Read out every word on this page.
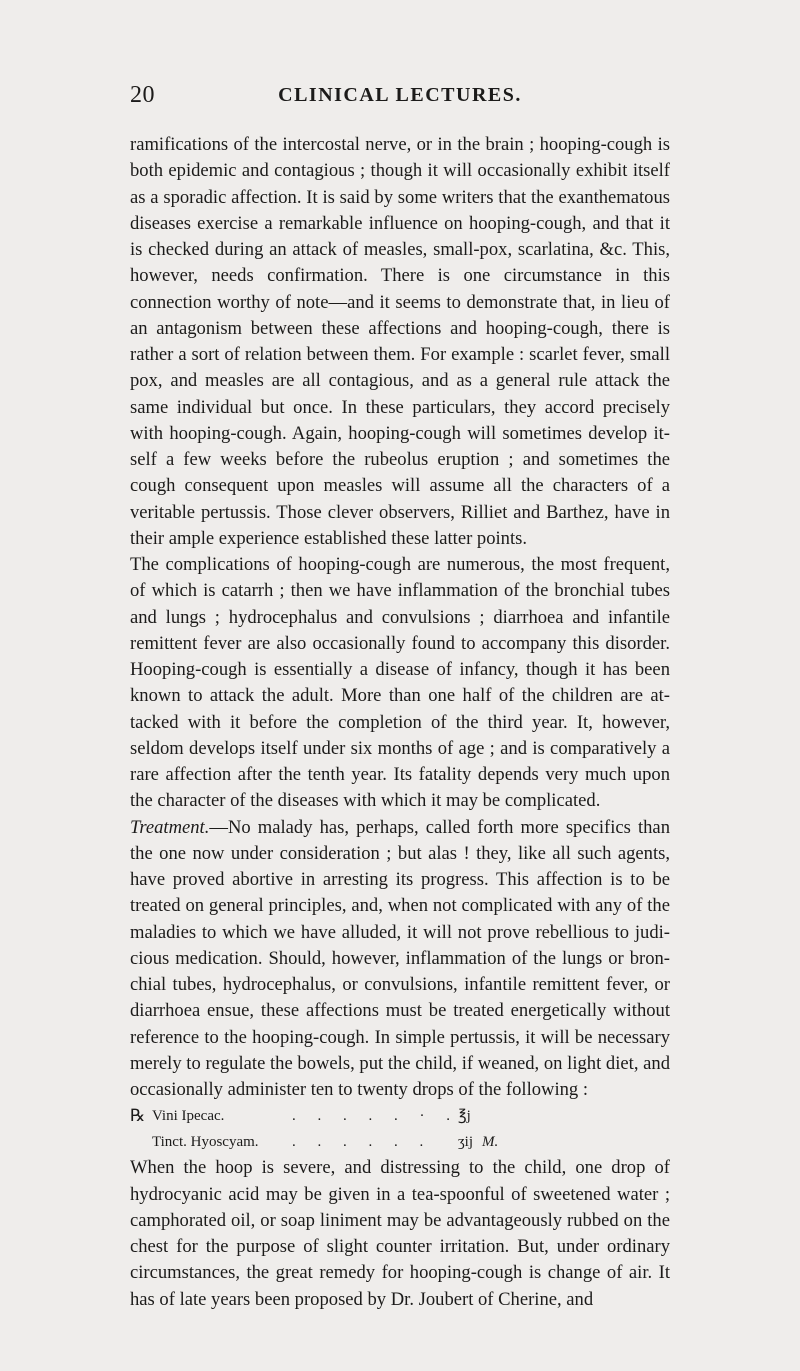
20	CLINICAL LECTURES.

ramifications of the intercostal nerve, or in the brain ; hooping-cough is both epidemic and contagious ; though it will occasionally exhibit itself as a sporadic affection. It is said by some writers that the exanthematous diseases exercise a remarkable influence on hooping-cough, and that it is checked during an attack of measles, small-pox, scarlatina, &c. This, however, needs confirmation. There is one circumstance in this connection worthy of note—and it seems to demonstrate that, in lieu of an antagonism between these affections and hooping-cough, there is rather a sort of relation between them. For example : scarlet fever, small pox, and measles are all contagious, and as a general rule attack the same individual but once. In these particulars, they accord precisely with hooping-cough. Again, hooping-cough will sometimes develop itself a few weeks before the rubeolus eruption ; and sometimes the cough consequent upon measles will assume all the characters of a veritable pertussis. Those clever observers, Rilliet and Barthez, have in their ample experience established these latter points.

The complications of hooping-cough are numerous, the most frequent, of which is catarrh ; then we have inflammation of the bronchial tubes and lungs ; hydrocephalus and convulsions ; diarrhoea and infantile remittent fever are also occasionally found to accompany this disorder. Hooping-cough is essentially a disease of infancy, though it has been known to attack the adult. More than one half of the children are attacked with it before the completion of the third year. It, however, seldom develops itself under six months of age ; and is comparatively a rare affection after the tenth year. Its fatality depends very much upon the character of the diseases with which it may be complicated.

Treatment.—No malady has, perhaps, called forth more specifics than the one now under consideration ; but alas ! they, like all such agents, have proved abortive in arresting its progress. This affection is to be treated on general principles, and, when not complicated with any of the maladies to which we have alluded, it will not prove rebellious to judicious medication. Should, however, inflammation of the lungs or bronchial tubes, hydrocephalus, or convulsions, infantile remittent fever, or diarrhoea ensue, these affections must be treated energetically without reference to the hooping-cough. In simple pertussis, it will be necessary merely to regulate the bowels, put the child, if weaned, on light diet, and occasionally administer ten to twenty drops of the following :

℞ Vini Ipecac.	. . . . . · . ℥j
Tinct. Hyoscyam. . . . . . . ʒij M.

When the hoop is severe, and distressing to the child, one drop of hydrocyanic acid may be given in a tea-spoonful of sweetened water ; camphorated oil, or soap liniment may be advantageously rubbed on the chest for the purpose of slight counter irritation. But, under ordinary circumstances, the great remedy for hooping-cough is change of air. It has of late years been proposed by Dr. Joubert of Cherine, and
